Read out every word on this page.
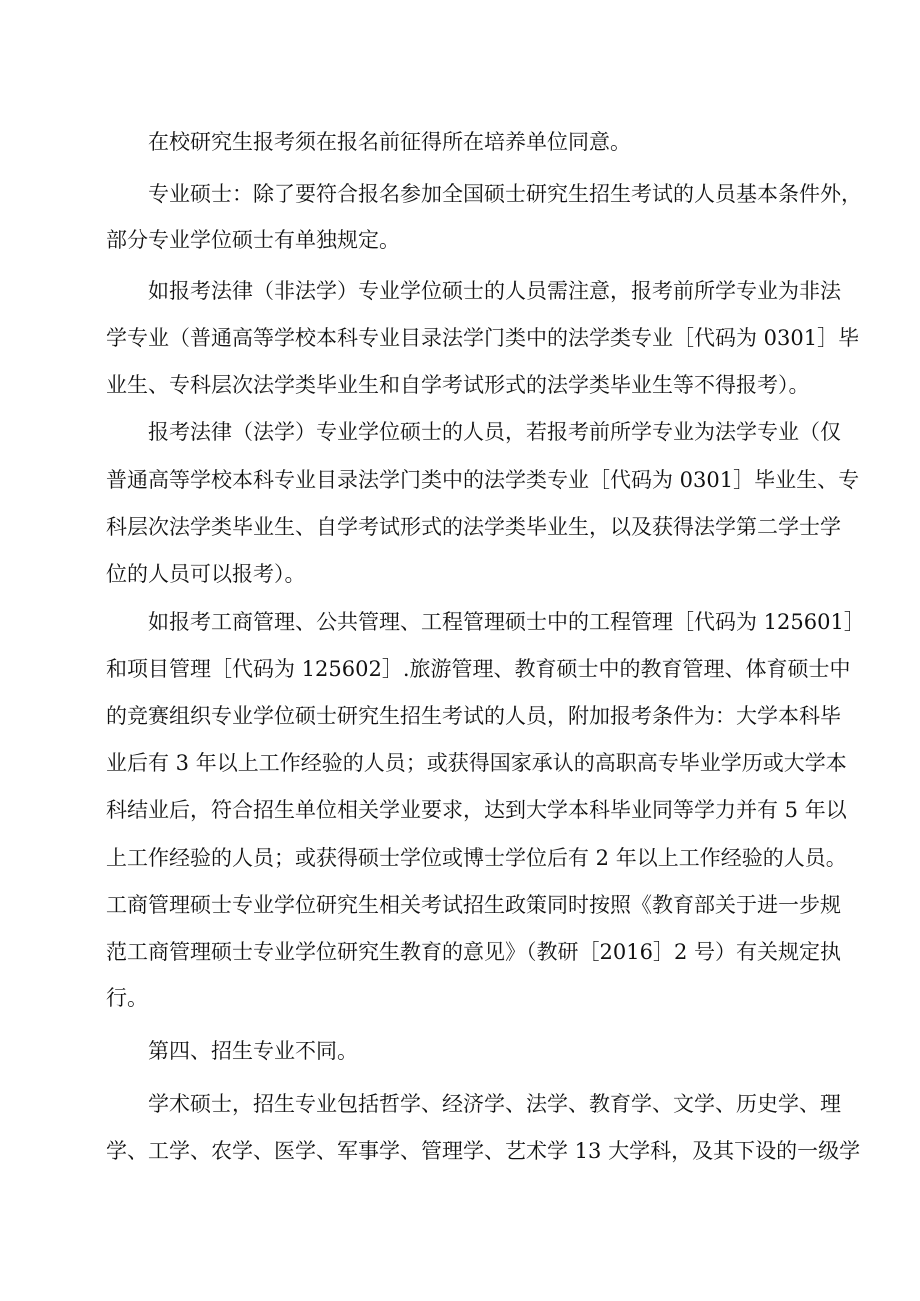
在校研究生报考须在报名前征得所在培养单位同意。
专业硕士：除了要符合报名参加全国硕士研究生招生考试的人员基本条件外，
部分专业学位硕士有单独规定。
如报考法律（非法学）专业学位硕士的人员需注意，报考前所学专业为非法
学专业（普通高等学校本科专业目录法学门类中的法学类专业［代码为 0301］毕
业生、专科层次法学类毕业生和自学考试形式的法学类毕业生等不得报考）。
报考法律（法学）专业学位硕士的人员，若报考前所学专业为法学专业（仅
普通高等学校本科专业目录法学门类中的法学类专业［代码为 0301］毕业生、专
科层次法学类毕业生、自学考试形式的法学类毕业生，以及获得法学第二学士学
位的人员可以报考）。
如报考工商管理、公共管理、工程管理硕士中的工程管理［代码为 125601］
和项目管理［代码为 125602］.旅游管理、教育硕士中的教育管理、体育硕士中
的竞赛组织专业学位硕士研究生招生考试的人员，附加报考条件为：大学本科毕
业后有 3 年以上工作经验的人员；或获得国家承认的高职高专毕业学历或大学本
科结业后，符合招生单位相关学业要求，达到大学本科毕业同等学力并有 5 年以
上工作经验的人员；或获得硕士学位或博士学位后有 2 年以上工作经验的人员。
工商管理硕士专业学位研究生相关考试招生政策同时按照《教育部关于进一步规
范工商管理硕士专业学位研究生教育的意见》（教研［2016］2 号）有关规定执
行。
第四、招生专业不同。
学术硕士，招生专业包括哲学、经济学、法学、教育学、文学、历史学、理
学、工学、农学、医学、军事学、管理学、艺术学 13 大学科，及其下设的一级学
